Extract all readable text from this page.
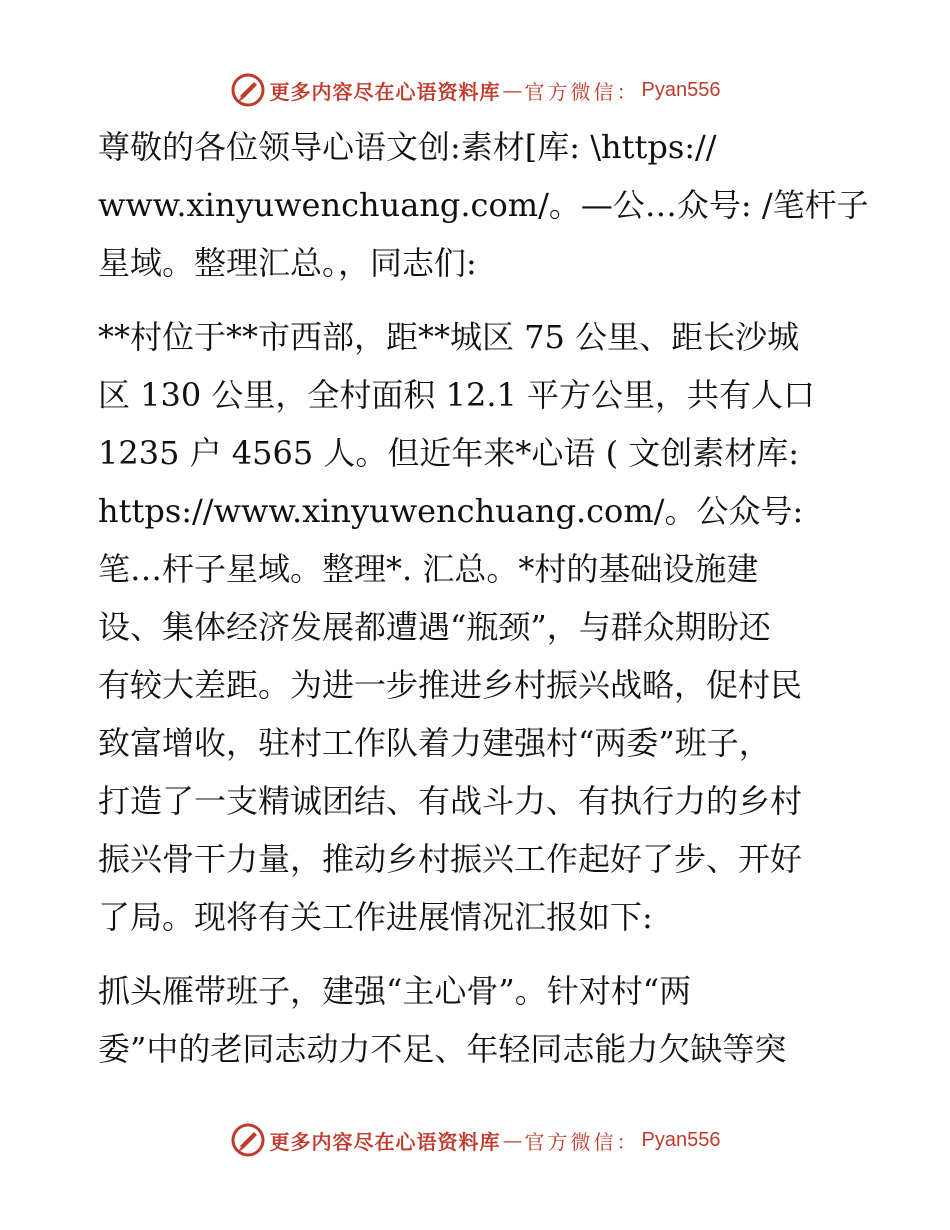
更多内容尽在心语资料库 — 官方微信： Pyan556
尊敬的各位领导心语文创:素材[库: \https://
www.xinyuwenchuang.com/。—公…众号: /笔杆子
星域。整理汇总。，同志们:
**村位于**市西部，距**城区 75 公里、距长沙城
区 130 公里，全村面积 12.1 平方公里，共有人口
1235 户 4565 人。但近年来*心语 ( 文创素材库:
https://www.xinyuwenchuang.com/。公众号:
笔…杆子星域。整理*. 汇总。*村的基础设施建
设、集体经济发展都遭遇“瓶颈”，与群众期盼还
有较大差距。为进一步推进乡村振兴战略，促村民
致富增收，驻村工作队着力建强村“两委”班子，
打造了一支精诚团结、有战斗力、有执行力的乡村
振兴骨干力量，推动乡村振兴工作起好了步、开好
了局。现将有关工作进展情况汇报如下:
抓头雁带班子，建强“主心骨”。针对村“两
委”中的老同志动力不足、年轻同志能力欠缺等突
更多内容尽在心语资料库 — 官方微信： Pyan556
